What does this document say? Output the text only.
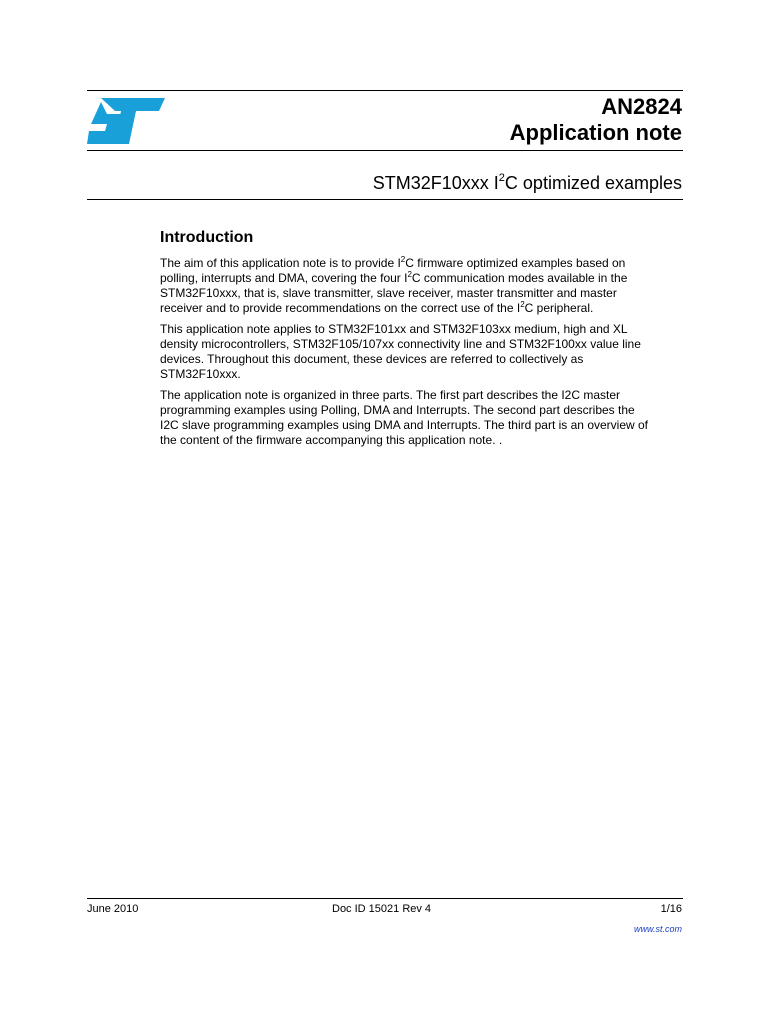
AN2824
Application note
STM32F10xxx $I^2C$ optimized examples
Introduction
The aim of this application note is to provide $I^2C$ firmware optimized examples based on
polling, interrupts and DMA, covering the four $I^2C$ communication modes available in the
STM32F10xxx, that is, slave transmitter, slave receiver, master transmitter and master
receiver and to provide recommendations on the correct use of the $I^2C$ peripheral.
This application note applies to STM32F101xx and STM32F103xx medium, high and XL
density microcontrollers, STM32F105/107xx connectivity line and STM32F100xx value line
devices. Throughout this document, these devices are referred to collectively as
STM32F10xxx.
The application note is organized in three parts. The first part describes the I2C master
programming examples using Polling, DMA and Interrupts. The second part describes the
I2C slave programming examples using DMA and Interrupts. The third part is an overview of
the content of the firmware accompanying this application note. .
June 2010	Doc ID 15021 Rev 4	1/16
www.st.com
